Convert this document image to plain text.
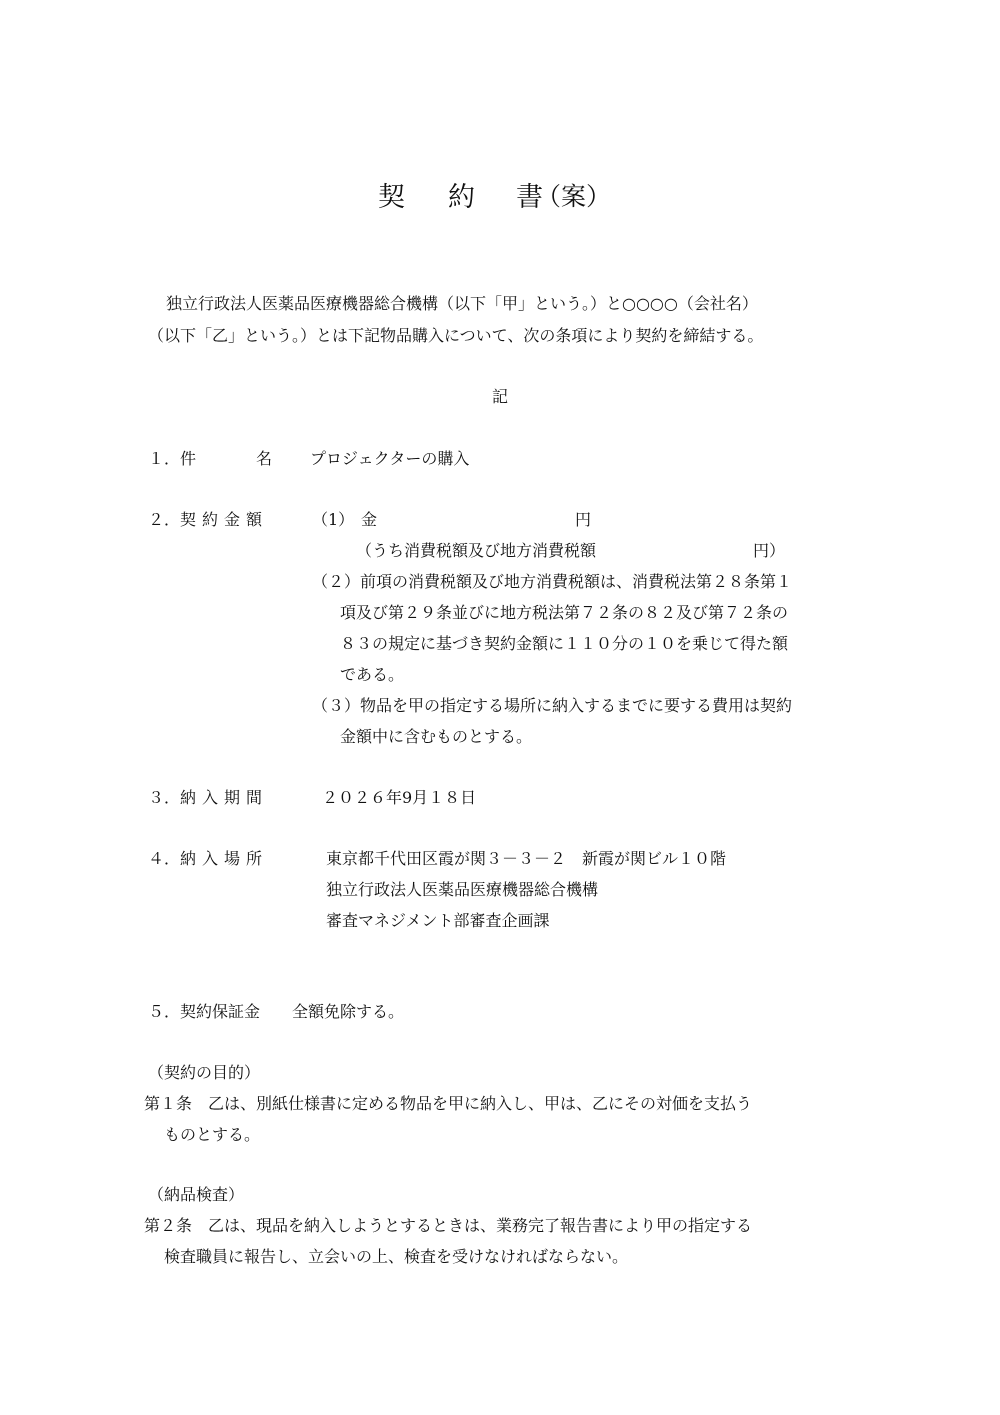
契 約 書
（案）
独立行政法人医薬品医療機器総合機構（以下「甲」という。）と○○○○（会社名）
（以下「乙」という。）とは下記物品購入について、次の条項により契約を締結する。
記
１． 件	名 プロジェクターの購入
２． 契約金額	（1） 金	円
（うち消費税額及び地方消費税額	円）
（２）前項の消費税額及び地方消費税額は、消費税法第２８条第１
項及び第２９条並びに地方税法第７２条の８２及び第７２条の
８３の規定に基づき契約金額に１１０分の１０を乗じて得た額
である。
（３）物品を甲の指定する場所に納入するまでに要する費用は契約
金額中に含むものとする。
３． 納入期間	２０２６年9月１８日
４． 納入場所	東京都千代田区霞が関３－３－２　新霞が関ビル１０階
独立行政法人医薬品医療機器総合機構
審査マネジメント部審査企画課
５． 契約保証金 全額免除する。
（契約の目的）
第１条　乙は、別紙仕様書に定める物品を甲に納入し、甲は、乙にその対価を支払う
ものとする。
（納品検査）
第２条　乙は、現品を納入しようとするときは、業務完了報告書により甲の指定する
検査職員に報告し、立会いの上、検査を受けなければならない。
